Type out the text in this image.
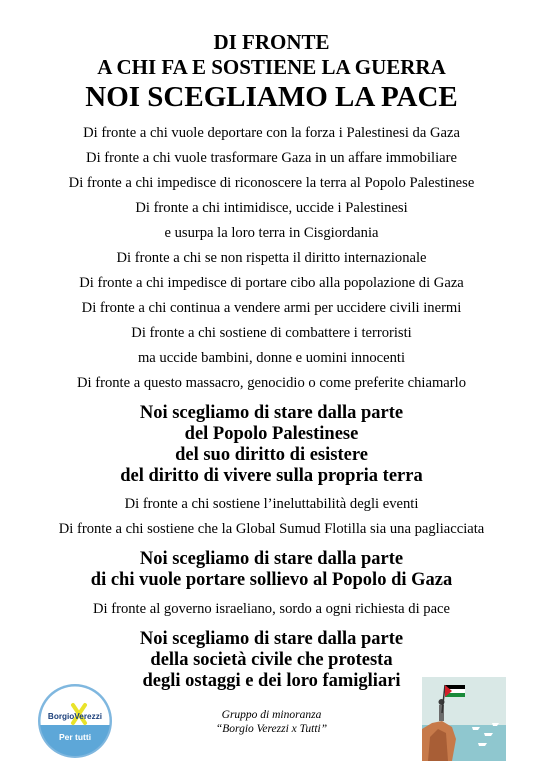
DI FRONTE
A CHI FA E SOSTIENE LA GUERRA
NOI SCEGLIAMO LA PACE
Di fronte a chi vuole deportare con la forza i Palestinesi da Gaza
Di fronte a chi vuole trasformare Gaza in un affare immobiliare
Di fronte a chi impedisce di riconoscere la terra al Popolo Palestinese
Di fronte a chi intimidisce, uccide i Palestinesi
e usurpa la loro terra in Cisgiordania
Di fronte a chi se non rispetta il diritto internazionale
Di fronte a chi impedisce di portare cibo alla popolazione di Gaza
Di fronte a chi continua a vendere armi per uccidere civili inermi
Di fronte a chi sostiene di combattere i terroristi
ma uccide bambini, donne e uomini innocenti
Di fronte a questo massacro, genocidio o come preferite chiamarlo
Noi scegliamo di stare dalla parte
del Popolo Palestinese
del suo diritto di esistere
del diritto di vivere sulla propria terra
Di fronte a chi sostiene l’ineluttabilità degli eventi
Di fronte a chi sostiene che la Global Sumud Flotilla sia una pagliacciata
Noi scegliamo di stare dalla parte
di chi vuole portare sollievo al Popolo di Gaza
Di fronte al governo israeliano, sordo a ogni richiesta di pace
Noi scegliamo di stare dalla parte
della società civile che protesta
degli ostaggi e dei loro famigliari
BorgioVerezzi
Per tutti
Gruppo di minoranza
“Borgio Verezzi x Tutti”
